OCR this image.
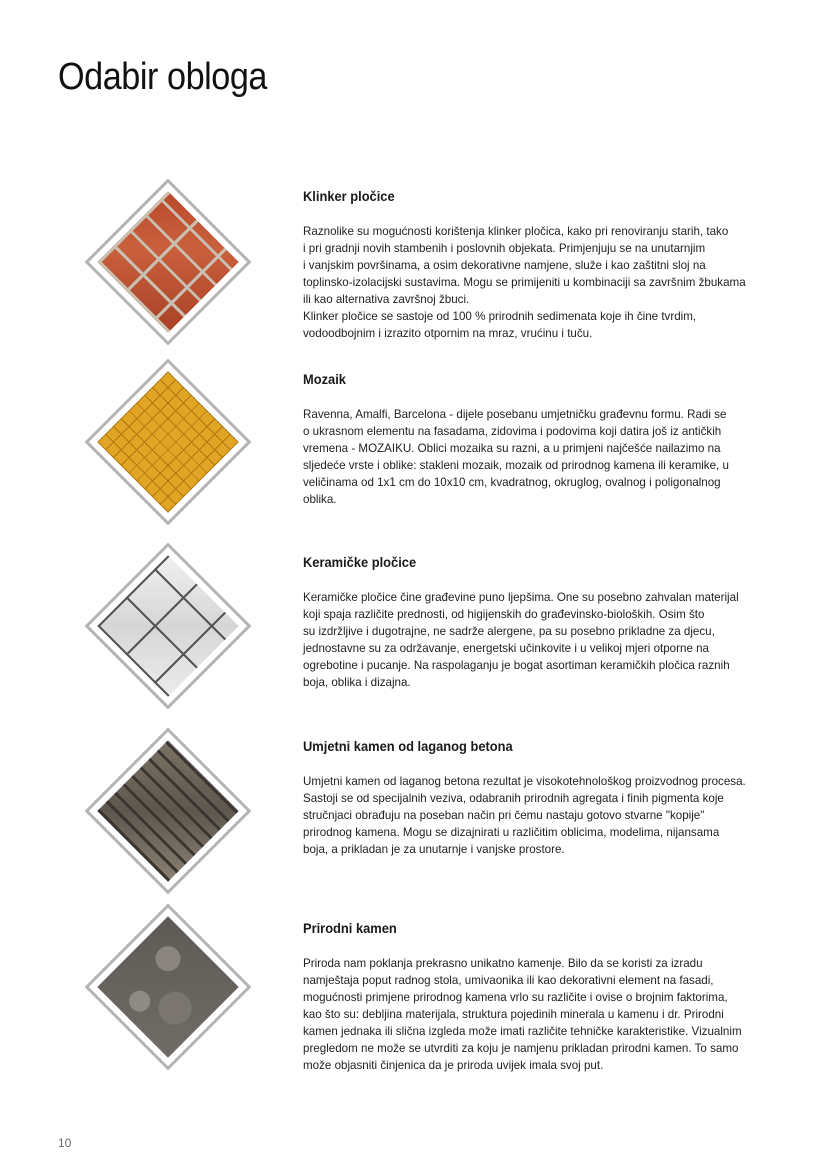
Odabir obloga
Klinker pločice
Raznolike su mogućnosti korištenja klinker pločica, kako pri renoviranju starih, tako
i pri gradnji novih stambenih i poslovnih objekata. Primjenjuju se na unutarnjim
i vanjskim površinama, a osim dekorativne namjene, služe i kao zaštitni sloj na
toplinsko-izolacijski sustavima. Mogu se primijeniti u kombinaciji sa završnim žbukama
ili kao alternativa završnoj žbuci.
Klinker pločice se sastoje od 100 % prirodnih sedimenata koje ih čine tvrdim,
vodoodbojnim i izrazito otpornim na mraz, vrućinu i tuču.
Mozaik
Ravenna, Amalfi, Barcelona - dijele posebanu umjetničku građevnu formu. Radi se
o ukrasnom elementu na fasadama, zidovima i podovima koji datira još iz antičkih
vremena - MOZAIKU. Oblici mozaika su razni, a u primjeni najčešće nailazimo na
sljedeće vrste i oblike: stakleni mozaik, mozaik od prirodnog kamena ili keramike, u
veličinama od 1x1 cm do 10x10 cm, kvadratnog, okruglog, ovalnog i poligonalnog
oblika.
Keramičke pločice
Keramičke pločice čine građevine puno ljepšima. One su posebno zahvalan materijal
koji spaja različite prednosti, od higijenskih do građevinsko-bioloških. Osim što
su izdržljive i dugotrajne, ne sadrže alergene, pa su posebno prikladne za djecu,
jednostavne su za održavanje, energetski učinkovite i u velikoj mjeri otporne na
ogrebotine i pucanje. Na raspolaganju je bogat asortiman keramičkih pločica raznih
boja, oblika i dizajna.
Umjetni kamen od laganog betona
Umjetni kamen od laganog betona rezultat je visokotehnološkog proizvodnog procesa.
Sastoji se od specijalnih veziva, odabranih prirodnih agregata i finih pigmenta koje
stručnjaci obrađuju na poseban način pri čemu nastaju gotovo stvarne "kopije"
prirodnog kamena. Mogu se dizajnirati u različitim oblicima, modelima, nijansama
boja, a prikladan je za unutarnje i vanjske prostore.
Prirodni kamen
Priroda nam poklanja prekrasno unikatno kamenje. Bilo da se koristi za izradu
namještaja poput radnog stola, umivaonika ili kao dekorativni element na fasadi,
mogućnosti primjene prirodnog kamena vrlo su različite i ovise o brojnim faktorima,
kao što su: debljina materijala, struktura pojedinih minerala u kamenu i dr. Prirodni
kamen jednaka ili slična izgleda može imati različite tehničke karakteristike. Vizualnim
pregledom ne može se utvrditi za koju je namjenu prikladan prirodni kamen. To samo
može objasniti činjenica da je priroda uvijek imala svoj put.
10
